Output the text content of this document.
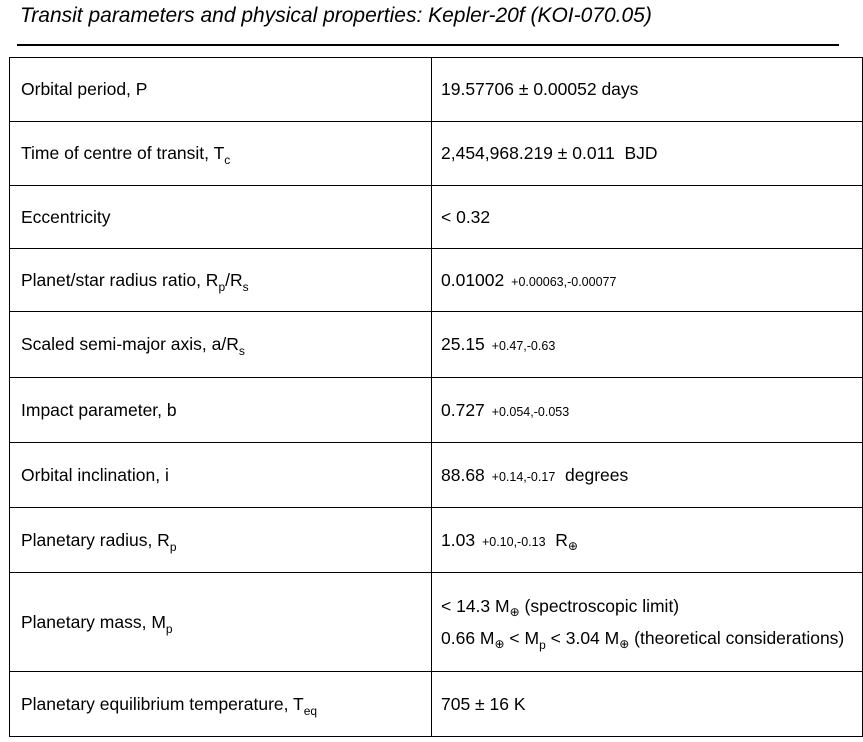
Transit parameters and physical properties: Kepler-20f (KOI-070.05)
Orbital period, P	19.57706 ± 0.00052 days
Time of centre of transit, $T_c$	2,454,968.219 ± 0.011  BJD
Eccentricity	< 0.32
Planet/star radius ratio, $R_p/R_s$	0.01002 +0.00063,-0.00077
Scaled semi-major axis, $a/R_s$	25.15 +0.47,-0.63
Impact parameter, b	0.727 +0.054,-0.053
Orbital inclination, i	88.68 +0.14,-0.17 degrees
Planetary radius, $R_p$	1.03 +0.10,-0.13 $R_\oplus$
Planetary mass, $M_p$	< 14.3 $M_\oplus$ (spectroscopic limit)
0.66 $M_\oplus < M_p < 3.04$ $M_\oplus$ (theoretical considerations)

Planetary equilibrium temperature, $T_{eq}$	705 ± 16 K
